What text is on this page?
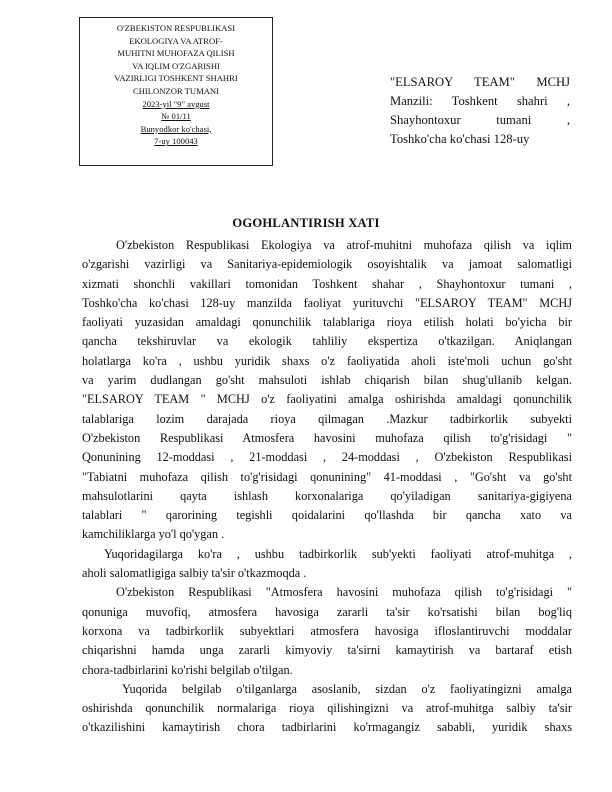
O'ZBEKISTON RESPUBLIKASI
EKOLOGIYA VA ATROF-
MUHITNI MUHOFAZA QILISH
VA IQLIM O'ZGARISHI
VAZIRLIGI TOSHKENT SHAHRI
CHILONZOR TUMANI
2023-yil "9" avgust
№ 01/11
Bunyodkor ko'chasi,
7-uy 100043
"ELSAROY TEAM" MCHJ
Manzili: Toshkent shahri ,
Shayhontoxur tumani ,
Toshko'cha ko'chasi 128-uy
OGOHLANTIRISH XATI
O'zbekiston Respublikasi Ekologiya va atrof-muhitni muhofaza qilish va iqlim
o'zgarishi vazirligi va Sanitariya-epidemiologik osoyishtalik va jamoat salomatligi
xizmati shonchli vakillari tomonidan Toshkent shahar , Shayhontoxur tumani ,
Toshko'cha ko'chasi 128-uy manzilda faoliyat yurituvchi "ELSAROY TEAM" MCHJ
faoliyati yuzasidan amaldagi qonunchilik talablariga rioya etilish holati bo'yicha bir
qancha tekshiruvlar va ekologik tahliliy ekspertiza o'tkazilgan. Aniqlangan
holatlarga ko'ra , ushbu yuridik shaxs o'z faoliyatida aholi iste'moli uchun go'sht
va yarim dudlangan go'sht mahsuloti ishlab chiqarish bilan shug'ullanib kelgan.
"ELSAROY TEAM " MCHJ o'z faoliyatini amalga oshirishda amaldagi qonunchilik
talablariga lozim darajada rioya qilmagan .Mazkur tadbirkorlik subyekti
O'zbekiston Respublikasi Atmosfera havosini muhofaza qilish to'g'risidagi "
Qonunining 12-moddasi , 21-moddasi , 24-moddasi , O'zbekiston Respublikasi
"Tabiatni muhofaza qilish to'g'risidagi qonunining" 41-moddasi , "Go'sht va go'sht
mahsulotlarini qayta ishlash korxonalariga qo'yiladigan sanitariya-gigiyena
talablari " qarorining tegishli qoidalarini qo'llashda bir qancha xato va
kamchiliklarga yo'l qo'ygan .
Yuqoridagilarga ko'ra , ushbu tadbirkorlik sub'yekti faoliyati atrof-muhitga ,
aholi salomatligiga salbiy ta'sir o'tkazmoqda .
O'zbekiston Respublikasi "Atmosfera havosini muhofaza qilish to'g'risidagi "
qonuniga muvofiq, atmosfera havosiga zararli ta'sir ko'rsatishi bilan bog'liq
korxona va tadbirkorlik subyektlari atmosfera havosiga ifloslantiruvchi moddalar
chiqarishni hamda unga zararli kimyoviy ta'sirni kamaytirish va bartaraf etish
chora-tadbirlarini ko'rishi belgilab o'tilgan.
Yuqorida belgilab o'tilganlarga asoslanib, sizdan o'z faoliyatingizni amalga
oshirishda qonunchilik normalariga rioya qilishingizni va atrof-muhitga salbiy ta'sir
o'tkazilishini kamaytirish chora tadbirlarini ko'rmagangiz sababli, yuridik shaxs
